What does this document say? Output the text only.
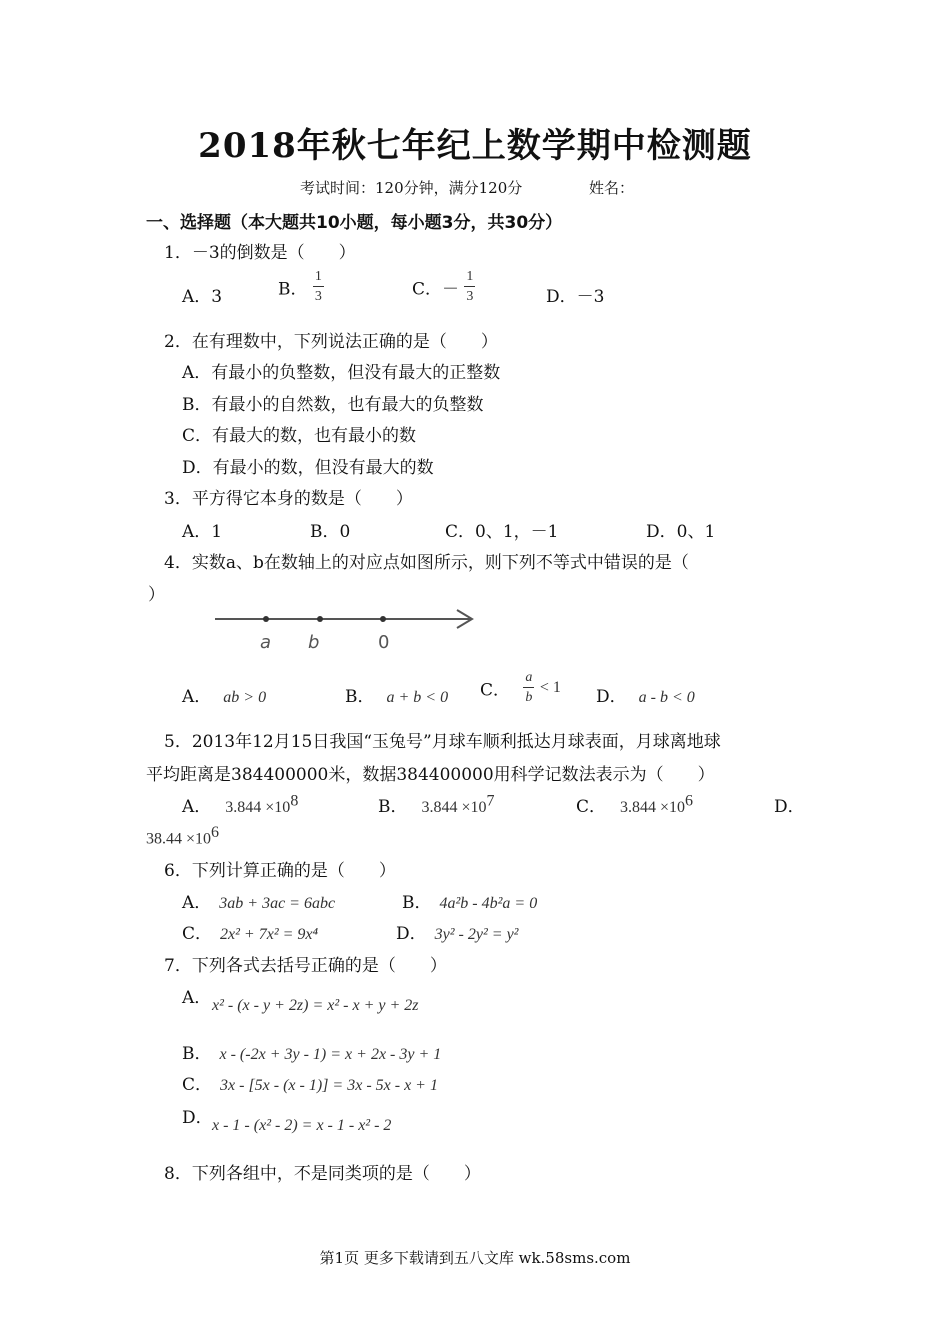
2018年秋七年纪上数学期中检测题
考试时间：120分钟，满分120分	姓名：
一、选择题（本大题共10小题，每小题3分，共30分）
1．－3的倒数是（　　）
A．3	B． $\frac{1}{3}$	C．－ $\frac{1}{3}$	D．－3
2．在有理数中，下列说法正确的是（　　）
A．有最小的负整数，但没有最大的正整数
B．有最小的自然数，也有最大的负整数
C．有最大的数，也有最小的数
D．有最小的数，但没有最大的数
3．平方得它本身的数是（　　）
A．1	B．0	C．0、1，－1	D．0、1
4．实数a、b在数轴上的对应点如图所示，则下列不等式中错误的是（
）
a b	0
A． ab > 0	B． a + b < 0 C． $\frac{a}{b} < 1$ D． a - b < 0
5．2013年12月15日我国“玉兔号”月球车顺利抵达月球表面，月球离地球
平均距离是384400000米，数据384400000用科学记数法表示为（　　）
A． $3.844 \times 10^8$	B． $3.844 \times 10^7$	C． $3.844 \times 10^6$	D．
$38.44 \times 10^6$
6．下列计算正确的是（　　）
A． 3ab + 3ac = 6abc	B． 4a²b - 4b²a = 0
C． 2x² + 7x² = 9x⁴	D． 3y² - 2y² = y²
7．下列各式去括号正确的是（　　）
A． x² - (x - y + 2z) = x² - x + y + 2z
B． x - (-2x + 3y - 1) = x + 2x - 3y + 1
C． 3x - [5x - (x - 1)] = 3x - 5x - x + 1
D． x - 1 - (x² - 2) = x - 1 - x² - 2
8．下列各组中，不是同类项的是（　　）
第1页 更多下载请到五八文库 wk.58sms.com
